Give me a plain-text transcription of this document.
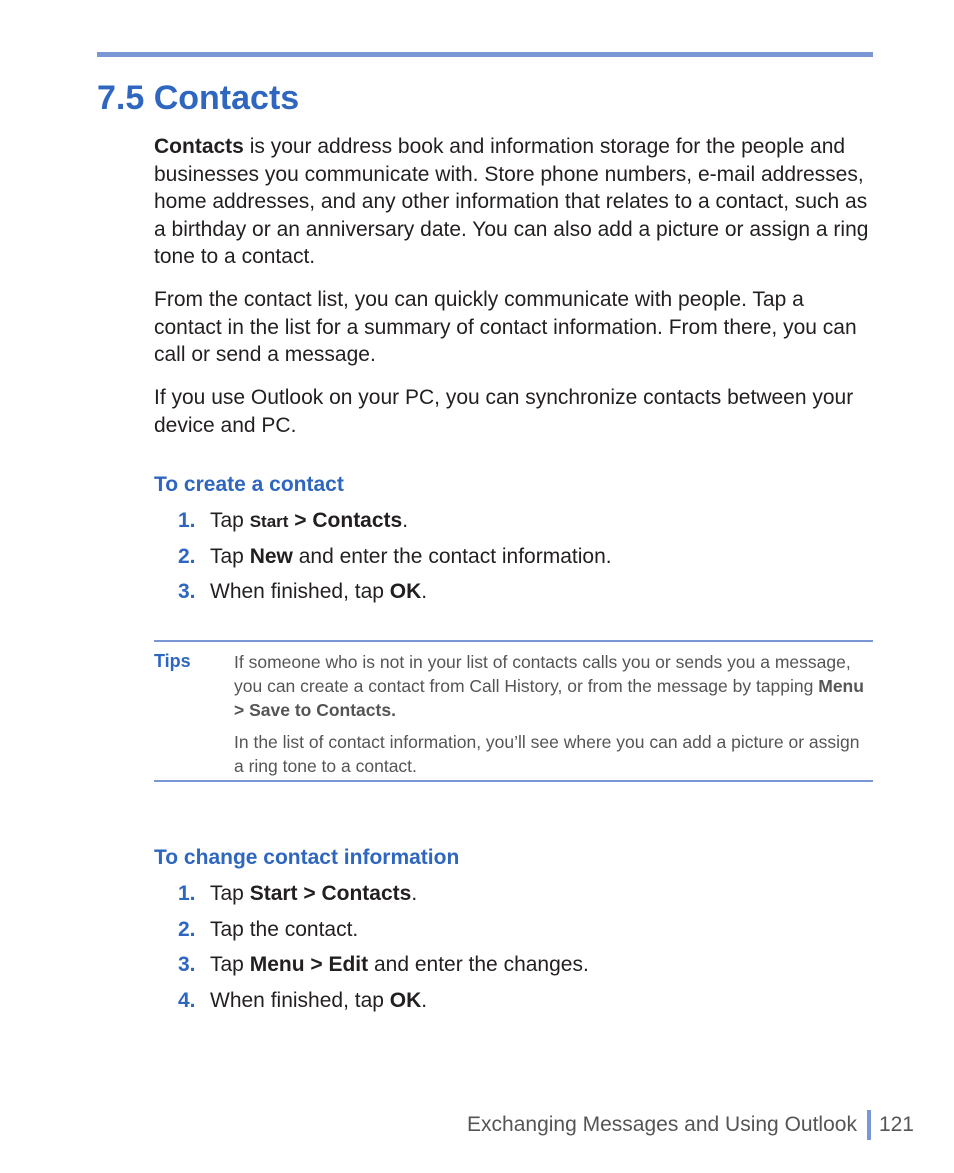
7.5 Contacts

Contacts is your address book and information storage for the people and businesses you communicate with. Store phone numbers, e-mail addresses, home addresses, and any other information that relates to a contact, such as a birthday or an anniversary date. You can also add a picture or assign a ring tone to a contact.

From the contact list, you can quickly communicate with people. Tap a contact in the list for a summary of contact information. From there, you can call or send a message.

If you use Outlook on your PC, you can synchronize contacts between your device and PC.

To create a contact
1. Tap Start > Contacts.
2. Tap New and enter the contact information.
3. When finished, tap OK.
Tips If someone who is not in your list of contacts calls you or sends you a message, you can create a contact from Call History, or from the message by tapping Menu > Save to Contacts.

In the list of contact information, you’ll see where you can add a picture or assign a ring tone to a contact.

To change contact information
1. Tap Start > Contacts.
2. Tap the contact.
3. Tap Menu > Edit and enter the changes.
4. When finished, tap OK.
Exchanging Messages and Using Outlook 121
